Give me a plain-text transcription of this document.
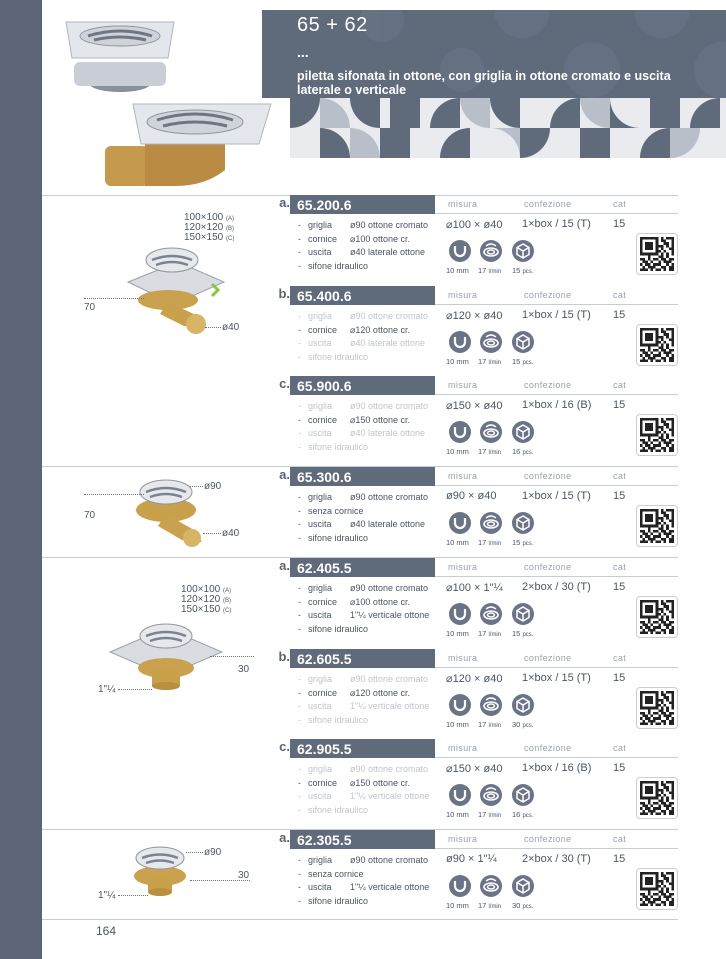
65 + 62
...
piletta sifonata in ottone, con griglia in ottone cromato e uscita laterale o verticale
100×100 (A)
120×120 (B)
150×150 (C)
70
ø40
ø90
70
ø40
100×100 (A)
120×120 (B)
150×150 (C)
30
1"¼
ø90
30
1"¼
a. 65.200.6	misura	confezione	cat
- griglia ø90 ottone cromato
- cornice ⌀100 ottone cr.
- uscita ø40 laterale ottone
- sifone idraulico
⌀100 × ø40 1×box / 15 (T) 15
10 mm 17 l/min 15 pcs.
b. 65.400.6	misura	confezione	cat
- griglia ø90 ottone cromato
- cornice ⌀120 ottone cr.
- uscita ø40 laterale ottone
- sifone idraulico
⌀120 × ø40 1×box / 15 (T) 15
10 mm 17 l/min 15 pcs.
c. 65.900.6	misura	confezione	cat
- griglia ø90 ottone cromato
- cornice ⌀150 ottone cr.
- uscita ø40 laterale ottone
- sifone idraulico
⌀150 × ø40 1×box / 16 (B) 15
10 mm 17 l/min 16 pcs.
a. 65.300.6	misura	confezione	cat
- griglia ø90 ottone cromato
- senza cornice
- uscita ø40 laterale ottone
- sifone idraulico
ø90 × ø40 1×box / 15 (T) 15
10 mm 17 l/min 15 pcs.
a. 62.405.5	misura	confezione	cat
- griglia ø90 ottone cromato
- cornice ⌀100 ottone cr.
- uscita 1"¼ verticale ottone
- sifone idraulico
⌀100 × 1"¼ 2×box / 30 (T) 15
10 mm 17 l/min 15 pcs.
b. 62.605.5	misura	confezione	cat
- griglia ø90 ottone cromato
- cornice ⌀120 ottone cr.
- uscita 1"¼ verticale ottone
- sifone idraulico
⌀120 × ø40 1×box / 15 (T) 15
10 mm 17 l/min 30 pcs.
c. 62.905.5	misura	confezione	cat
- griglia ø90 ottone cromato
- cornice ⌀150 ottone cr.
- uscita 1"¼ verticale ottone
- sifone idraulico
⌀150 × ø40 1×box / 16 (B) 15
10 mm 17 l/min 16 pcs.
a. 62.305.5	misura	confezione	cat
- griglia ø90 ottone cromato
- senza cornice
- uscita 1"¼ verticale ottone
- sifone idraulico
ø90 × 1"¼ 2×box / 30 (T) 15
10 mm 17 l/min 30 pcs.
164
